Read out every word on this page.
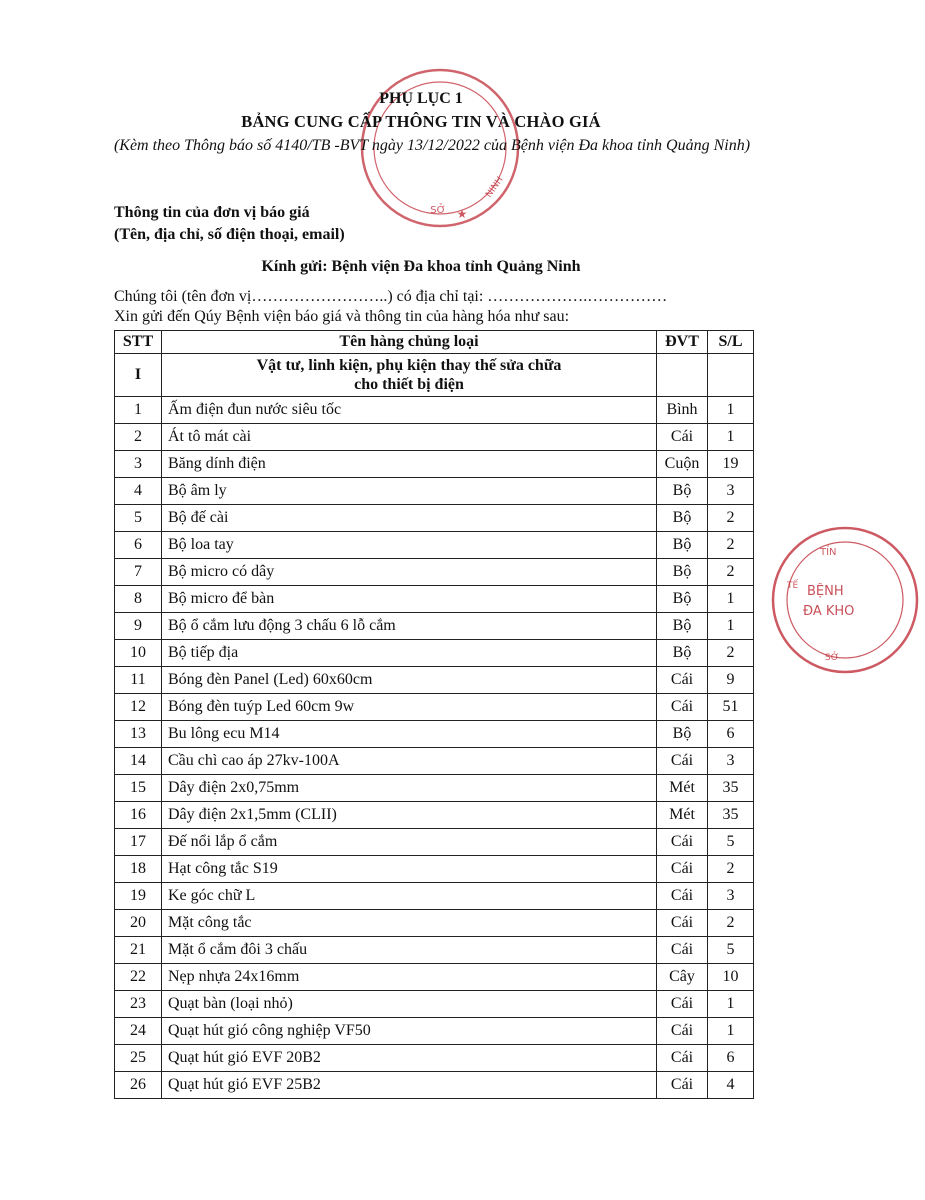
SỞ ★
NINH
TỈN
BỆNH
ĐA KHO
TẾ
SỞ
PHỤ LỤC 1
BẢNG CUNG CẤP THÔNG TIN VÀ CHÀO GIÁ
(Kèm theo Thông báo số 4140/TB -BVT ngày 13/12/2022 của Bệnh viện Đa khoa tỉnh Quảng Ninh)
Thông tin của đơn vị báo giá
(Tên, địa chỉ, số điện thoại, email)
Kính gửi: Bệnh viện Đa khoa tỉnh Quảng Ninh
Chúng tôi (tên đơn vị……………………..) có địa chỉ tại: ……………….……………
Xin gửi đến Qúy Bệnh viện báo giá và thông tin của hàng hóa như sau:
STT	Tên hàng chủng loại	ĐVT	S/L
I	Vật tư, linh kiện, phụ kiện thay thế sửa chữa
cho thiết bị điện		

1	Ấm điện đun nước siêu tốc	Bình	1
2	Át tô mát cài	Cái	1
3	Băng dính điện	Cuộn	19
4	Bộ âm ly	Bộ	3
5	Bộ đế cài	Bộ	2
6	Bộ loa tay	Bộ	2
7	Bộ micro có dây	Bộ	2
8	Bộ micro để bàn	Bộ	1
9	Bộ ổ cắm lưu động 3 chấu 6 lỗ cắm	Bộ	1
10	Bộ tiếp địa	Bộ	2
11	Bóng đèn Panel (Led) 60x60cm	Cái	9
12	Bóng đèn tuýp Led 60cm 9w	Cái	51
13	Bu lông ecu M14	Bộ	6
14	Cầu chì cao áp 27kv-100A	Cái	3
15	Dây điện 2x0,75mm	Mét	35
16	Dây điện 2x1,5mm (CLII)	Mét	35
17	Đế nổi lắp ổ cắm	Cái	5
18	Hạt công tắc S19	Cái	2
19	Ke góc chữ L	Cái	3
20	Mặt công tắc	Cái	2
21	Mặt ổ cắm đôi 3 chấu	Cái	5
22	Nẹp nhựa 24x16mm	Cây	10
23	Quạt bàn (loại nhỏ)	Cái	1
24	Quạt hút gió công nghiệp VF50	Cái	1
25	Quạt hút gió EVF 20B2	Cái	6
26	Quạt hút gió EVF 25B2	Cái	4
